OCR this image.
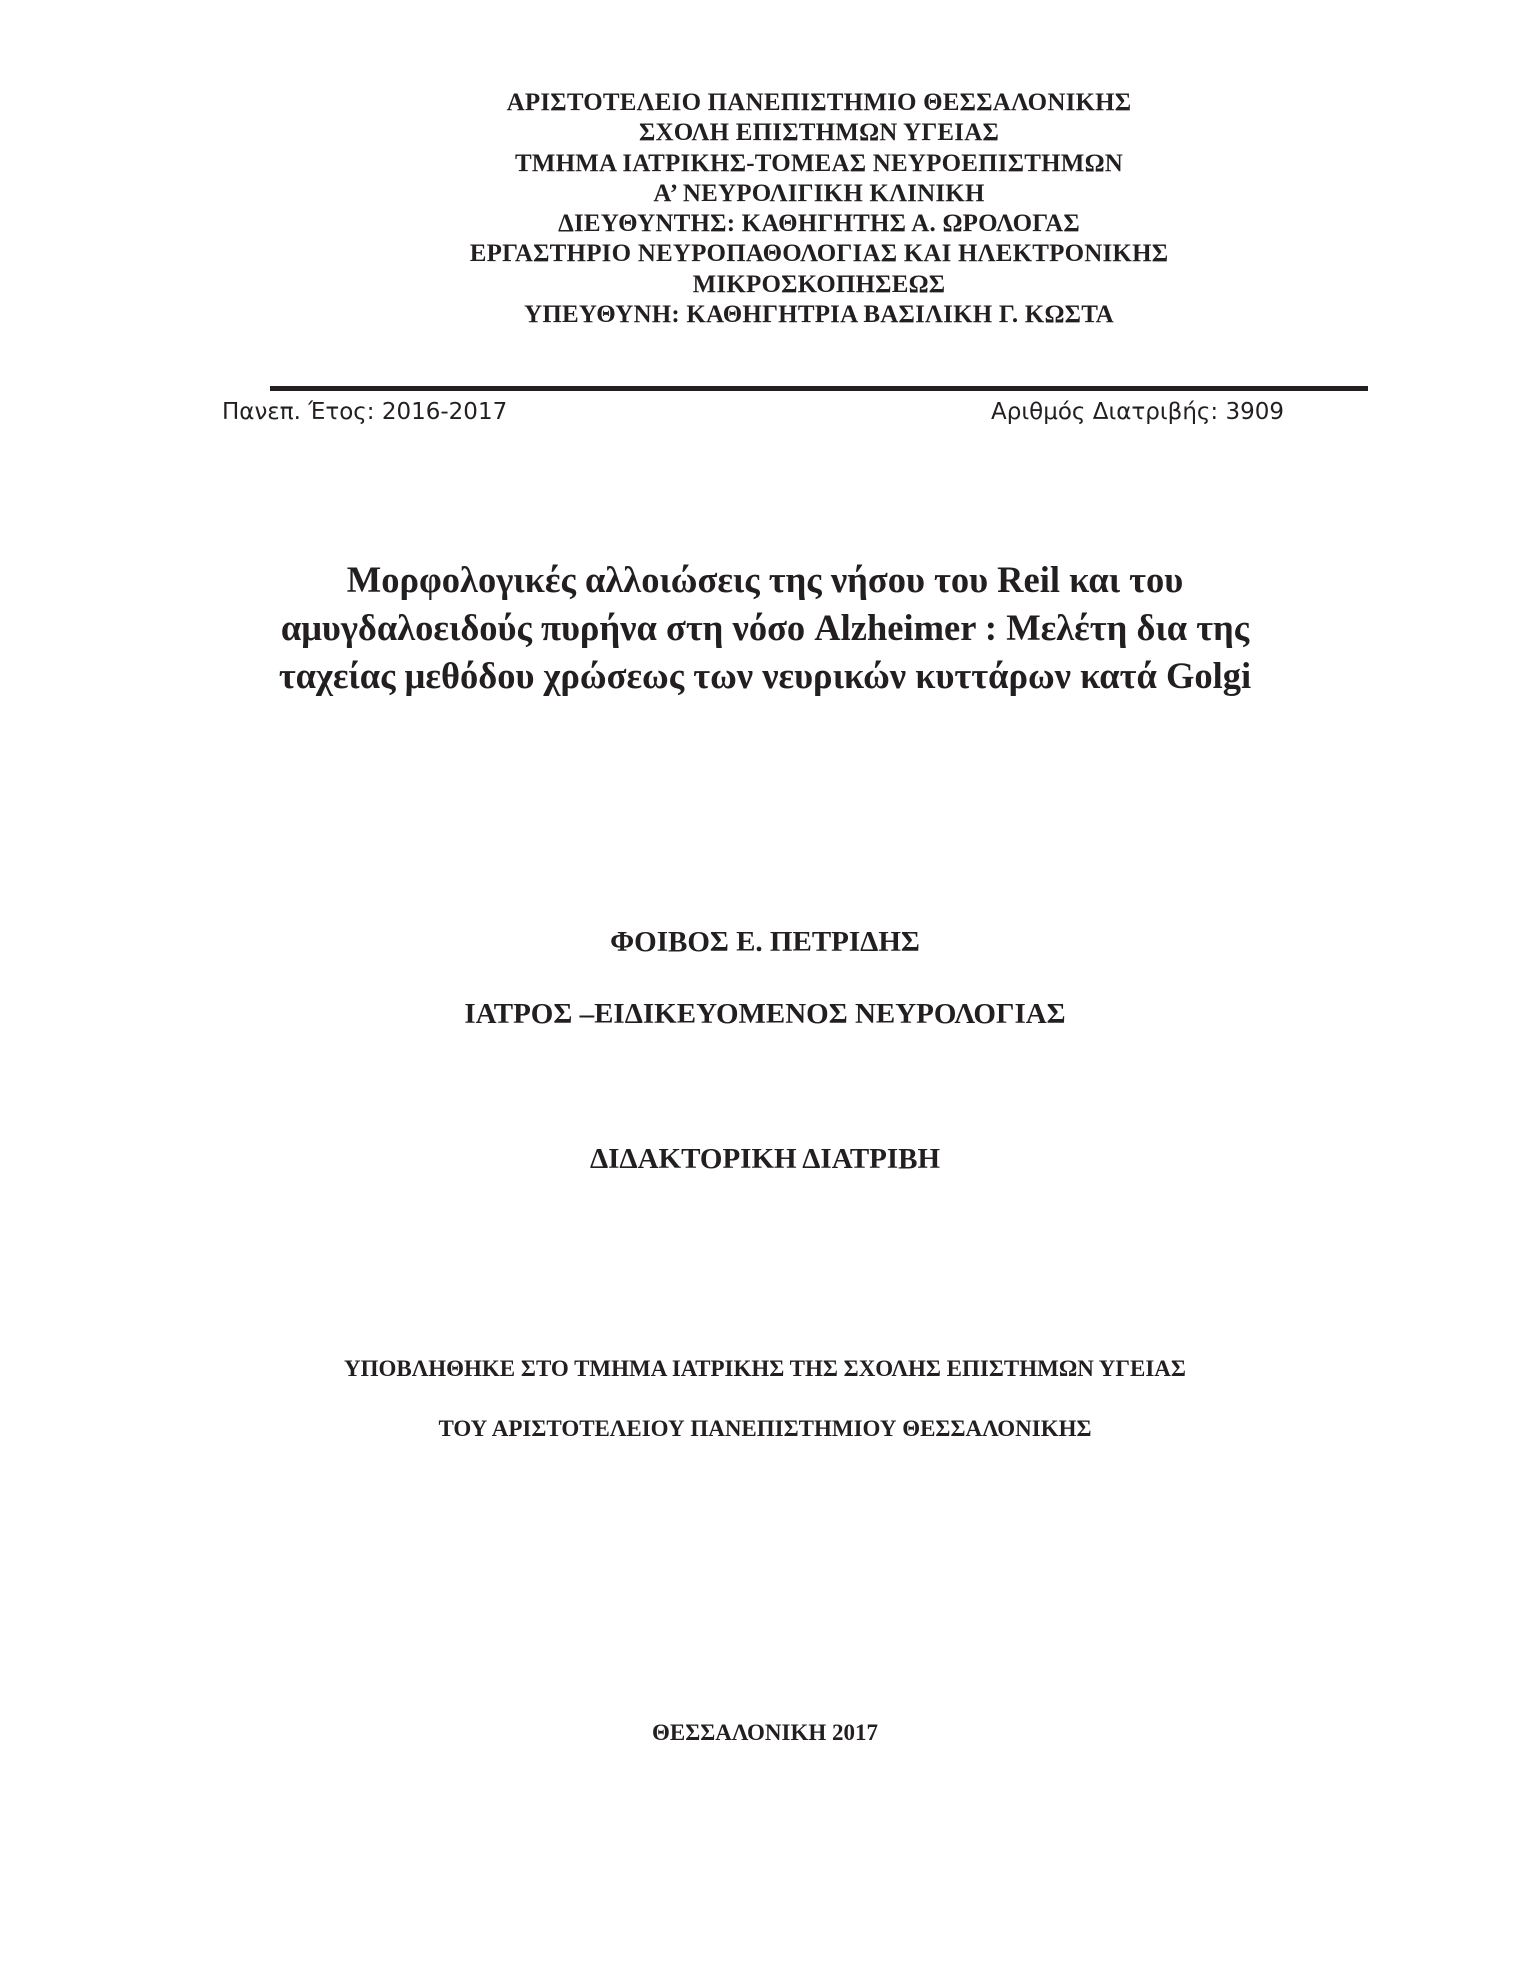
ΑΡΙΣΤΟΤΕΛΕΙΟ ΠΑΝΕΠΙΣΤΗΜΙΟ ΘΕΣΣΑΛΟΝΙΚΗΣ
ΣΧΟΛΗ ΕΠΙΣΤΗΜΩΝ ΥΓΕΙΑΣ
ΤΜΗΜΑ ΙΑΤΡΙΚΗΣ-ΤΟΜΕΑΣ ΝΕΥΡΟΕΠΙΣΤΗΜΩΝ
Α’ ΝΕΥΡΟΛΙΓΙΚΗ ΚΛΙΝΙΚΗ
ΔΙΕΥΘΥΝΤΗΣ: ΚΑΘΗΓΗΤΗΣ Α. ΩΡΟΛΟΓΑΣ
ΕΡΓΑΣΤΗΡΙΟ ΝΕΥΡΟΠΑΘΟΛΟΓΙΑΣ ΚΑΙ ΗΛΕΚΤΡΟΝΙΚΗΣ
ΜΙΚΡΟΣΚΟΠΗΣΕΩΣ
ΥΠΕΥΘΥΝΗ: ΚΑΘΗΓΗΤΡΙΑ ΒΑΣΙΛΙΚΗ Γ. ΚΩΣΤΑ
Πανεπ. Έτος: 2016-2017	Αριθμός Διατριβής: 3909
Μορφολογικές αλλοιώσεις της νήσου του Reil και του
αμυγδαλοειδούς πυρήνα στη νόσο Alzheimer : Μελέτη δια της
ταχείας μεθόδου χρώσεως των νευρικών κυττάρων κατά Golgi
ΦΟΙΒΟΣ Ε. ΠΕΤΡΙΔΗΣ
ΙΑΤΡΟΣ –ΕΙΔΙΚΕΥΟΜΕΝΟΣ ΝΕΥΡΟΛΟΓΙΑΣ
ΔΙΔΑΚΤΟΡΙΚΗ ΔΙΑΤΡΙΒΗ
ΥΠΟΒΛΗΘΗΚΕ ΣΤΟ ΤΜΗΜΑ ΙΑΤΡΙΚΗΣ ΤΗΣ ΣΧΟΛΗΣ ΕΠΙΣΤΗΜΩΝ ΥΓΕΙΑΣ
ΤΟΥ ΑΡΙΣΤΟΤΕΛΕΙΟΥ ΠΑΝΕΠΙΣΤΗΜΙΟΥ ΘΕΣΣΑΛΟΝΙΚΗΣ
ΘΕΣΣΑΛΟΝΙΚΗ 2017
